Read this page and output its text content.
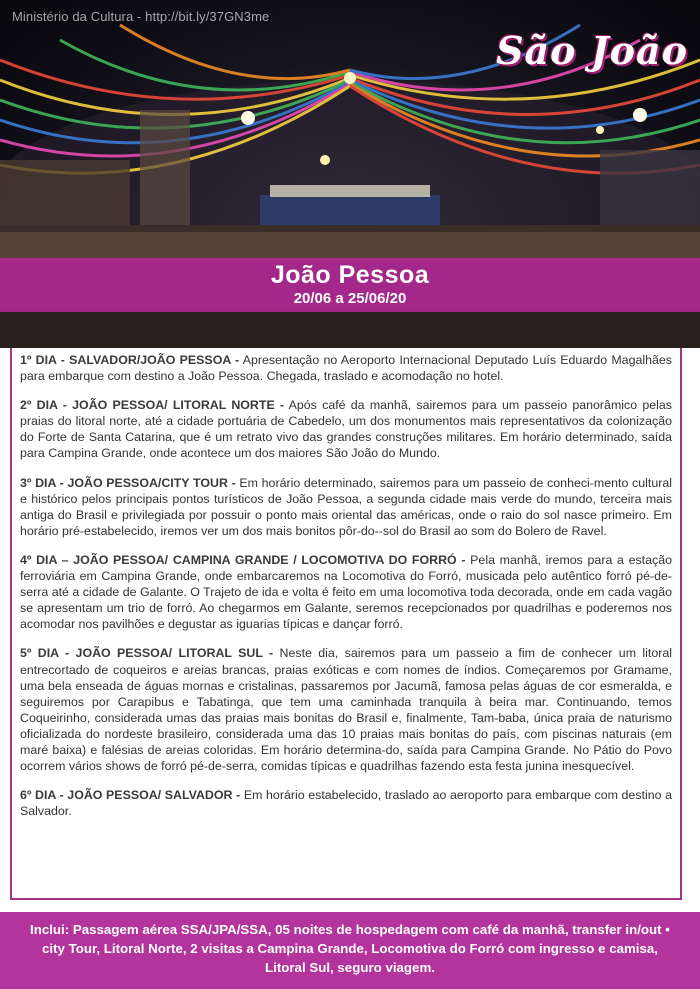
Ministério da Cultura - http://bit.ly/37GN3me
São João
João Pessoa
20/06 a 25/06/20

1º DIA - SALVADOR/JOÃO PESSOA - Apresentação no Aeroporto Internacional Deputado Luís Eduardo Magalhães para embarque com destino a João Pessoa. Chegada, traslado e acomodação no hotel.

2º DIA - JOÃO PESSOA/ LITORAL NORTE - Após café da manhã, sairemos para um passeio panorâmico pelas praias do litoral norte, até a cidade portuária de Cabedelo, um dos monumentos mais representativos da colonização do Forte de Santa Catarina, que é um retrato vivo das grandes construções militares. Em horário determinado, saída para Campina Grande, onde acontece um dos maiores São João do Mundo.

3º DIA - JOÃO PESSOA/CITY TOUR - Em horário determinado, sairemos para um passeio de conheci-mento cultural e histórico pelos principais pontos turísticos de João Pessoa, a segunda cidade mais verde do mundo, terceira mais antiga do Brasil e privilegiada por possuir o ponto mais oriental das américas, onde o raio do sol nasce primeiro. Em horário pré-estabelecido, iremos ver um dos mais bonitos pôr-do--sol do Brasil ao som do Bolero de Ravel.

4º DIA – JOÃO PESSOA/ CAMPINA GRANDE / LOCOMOTIVA DO FORRÓ - Pela manhã, iremos para a estação ferroviária em Campina Grande, onde embarcaremos na Locomotiva do Forró, musicada pelo autêntico forró pé-de-serra até a cidade de Galante. O Trajeto de ida e volta é feito em uma locomotiva toda decorada, onde em cada vagão se apresentam um trio de forró. Ao chegarmos em Galante, seremos recepcionados por quadrilhas e poderemos nos acomodar nos pavilhões e degustar as iguarias típicas e dançar forró.

5º DIA - JOÃO PESSOA/ LITORAL SUL - Neste dia, sairemos para um passeio a fim de conhecer um litoral entrecortado de coqueiros e areias brancas, praias exóticas e com nomes de índios. Começaremos por Gramame, uma bela enseada de águas mornas e cristalinas, passaremos por Jacumã, famosa pelas águas de cor esmeralda, e seguiremos por Carapibus e Tabatinga, que tem uma caminhada tranquila à beira mar. Continuando, temos Coqueirinho, considerada umas das praias mais bonitas do Brasil e, finalmente, Tam-baba, única praia de naturismo oficializada do nordeste brasileiro, considerada uma das 10 praias mais bonitas do país, com piscinas naturais (em maré baixa) e falésias de areias coloridas. Em horário determina-do, saída para Campina Grande. No Pátio do Povo ocorrem vários shows de forró pé-de-serra, comidas típicas e quadrilhas fazendo esta festa junina inesquecível.

6º DIA - JOÃO PESSOA/ SALVADOR - Em horário estabelecido, traslado ao aeroporto para embarque com destino a Salvador.

Inclui: Passagem aérea SSA/JPA/SSA, 05 noites de hospedagem com café da manhã, transfer in/out • city Tour, Litoral Norte, 2 visitas a Campina Grande, Locomotiva do Forró com ingresso e camisa, Litoral Sul, seguro viagem.
